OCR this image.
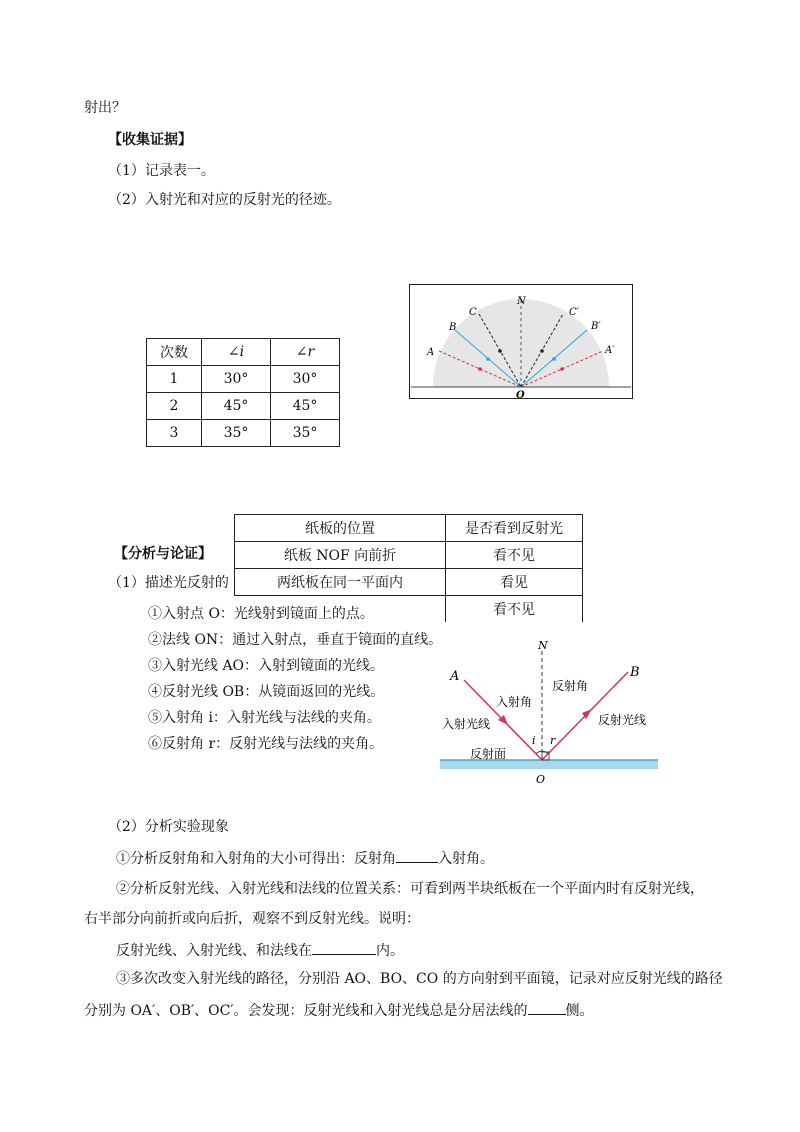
射出？
【收集证据】
（1）记录表一。
（2）入射光和对应的反射光的径迹。
次数	∠i	∠r
1	30°	30°
2	45°	45°
3	35°	35°
N
O
A
B
C
A′
B′
C′
【分析与论证】
（1）描述光反射的
纸板的位置	是否看到反射光
纸板 NOF 向前折	看不见
两纸板在同一平面内	看见
	看不见
①入射点 O：光线射到镜面上的点。
②法线 ON：通过入射点，垂直于镜面的直线。
③入射光线 AO：入射到镜面的光线。
④反射光线 OB：从镜面返回的光线。
⑤入射角 i：入射光线与法线的夹角。
⑥反射角 r：反射光线与法线的夹角。
A	B
N
O
i r
入射角
反射角
入射光线	反射光线
反射面
（2）分析实验现象
①分析反射角和入射角的大小可得出：反射角	入射角。
②分析反射光线、入射光线和法线的位置关系：可看到两半块纸板在一个平面内时有反射光线，
右半部分向前折或向后折，观察不到反射光线。说明：
反射光线、入射光线、和法线在	内。
③多次改变入射光线的路径，分别沿 AO、BO、CO 的方向射到平面镜，记录对应反射光线的路径
分别为 OA′、OB′、OC′。会发现：反射光线和入射光线总是分居法线的	侧。
